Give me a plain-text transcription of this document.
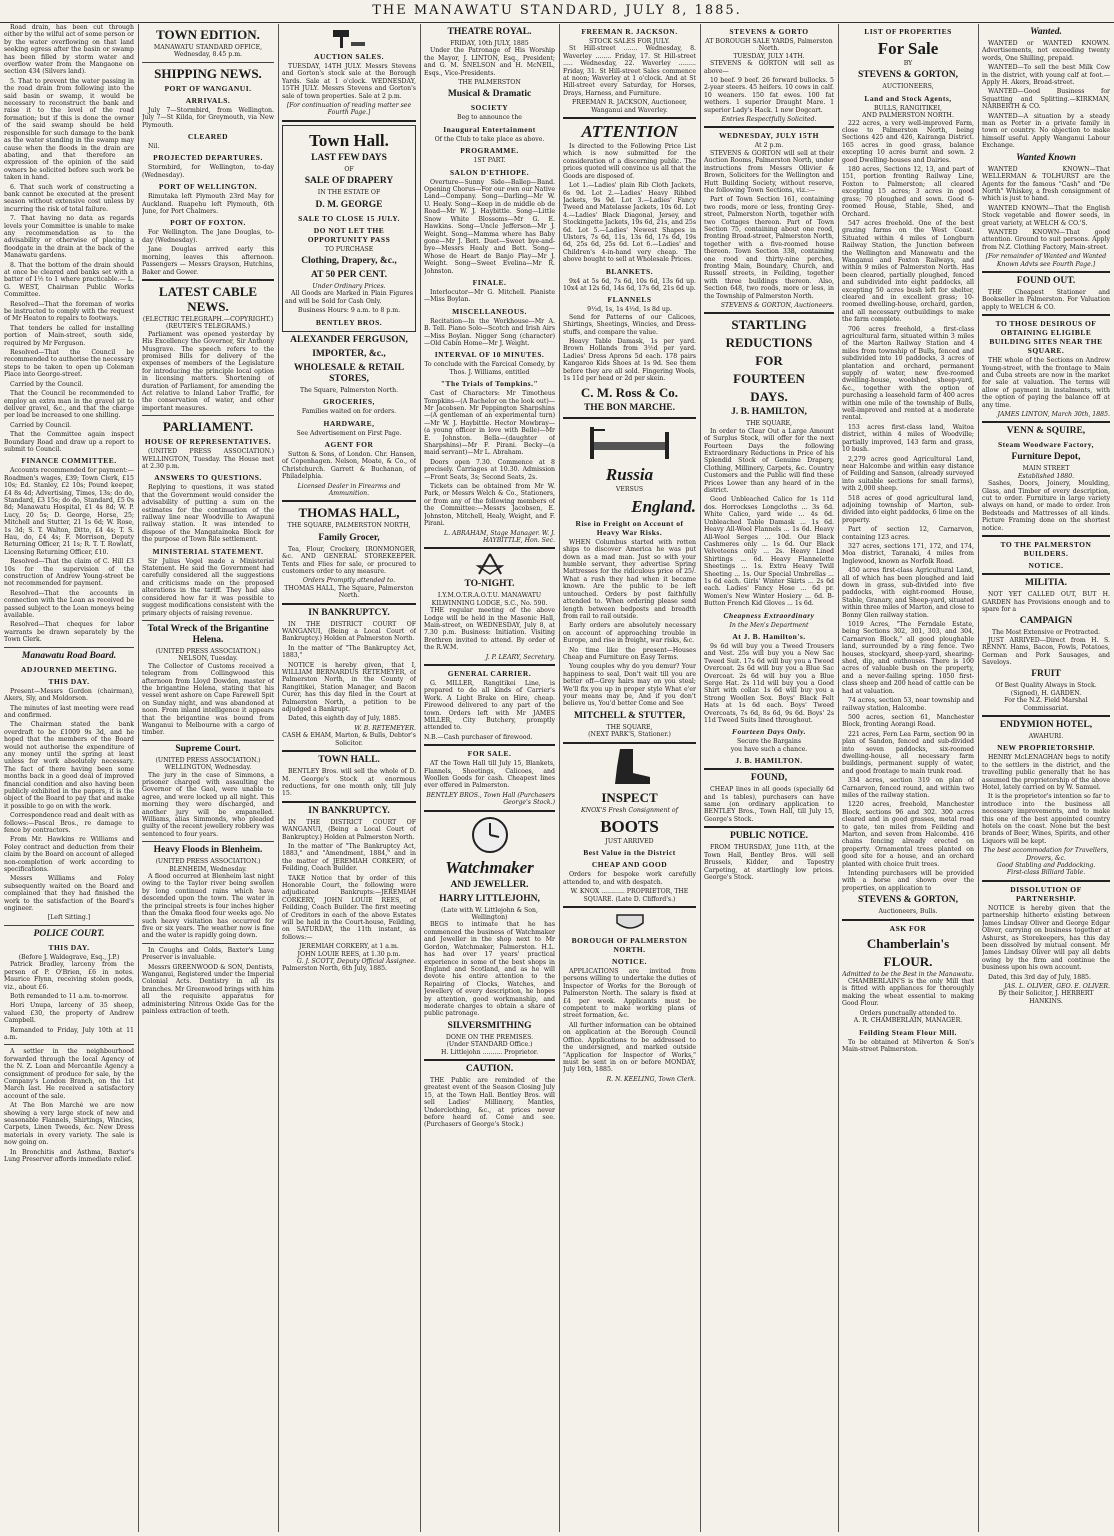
THE MANAWATU STANDARD, JULY 8, 1885.

Road drain, has been cut through either by the wilful act of some person or by the water overflowing on that land seeking egress after the basin or swamp has been filled by storm water and overflow water from the Mangaone on section 434 (Silvers land).

5. That to prevent the water passing in the road drain from following into the said basin or swamp, it would be necessary to reconstruct the bank and raise it to the level of the road formation; but if this is done the owner of the said swamp should be held responsible for such damage to the bank as the water standing in the swamp may cause when the floods in the drain are abating, and that therefore an expression of the opinion of the said owners be solicited before such work be taken in hand.

6. That such work of constructing a bank cannot be executed at the present season without extensive cost unless by incurring the risk of total failure.

7. That having no data as regards levels your Committee is unable to make any recommendation as to the advisability or otherwise of placing a floodgate in the drain at the back of the Manawatu gardens.

8. That the bottom of the drain should at once be cleared and banks set with a batter of 1½ to 1 where practicable.— L. G. WEST, Chairman Public Works Committee.

Resolved—That the foreman of works be instructed to comply with the request of Mr Heaton to repairs to footways.

That tenders be called for installing portion of Main-street, south side, required by Mr Ferguson.

Resolved—That the Council be recommended to authorise the necessary steps to be taken to open up Coleman Place into George-street.

Carried by the Council.

That the Council be recommended to employ an extra man in the gravel pit to deliver gravel, &c., and that the charge per load be increased to one shilling.

Carried by Council.

That the Committee again inspect Boundary Road and draw up a report to submit to Council.

FINANCE COMMITTEE.

Accounts recommended for payment:—Roadmen's wages, £39; Town Clerk, £15 10s; Ed. Stanley, £2 10s; Pound keeper, £4 8s 4d; Advertising, Times, 13s; do do, Standard, £3 15s; do do, Standard, £5 0s 8d; Manawatu Hospital, £1 4s 8d; W. P. Lucy, 20 5s; D. George, Horse, 25; Mitchell and Stutter, 21 1s 6d; W. Rose, 1s 3d; S. T. Walton, Ditto, £4 4s; T. S. Hau, do, £4 4s; F. Morrison, Deputy Returning Officer, 21 1s; R. T. T. Rowlatt, Licensing Returning Officer, £10.

Resolved—That the claim of C. Hill £3 10s for the supervision of the construction of Andrew Young-street be not recommended for payment.

Resolved—That the accounts in connection with the Loan as received be passed subject to the Loan moneys being available.

Resolved—That cheques for labor warrants be drawn separately by the Town Clerk.

Manawatu Road Board.
ADJOURNED MEETING.
THIS DAY.

Present—Messrs Gordon (chairman), Akers, Sly, and Moldorson.

The minutes of last meeting were read and confirmed.

The Chairman stated the bank overdraft to be £1009 9s 3d, and he hoped that the members of the Board would not authorise the expenditure of any money until the spring at least unless for work absolutely necessary. The fact of there having been some months back in a good deal of improved financial condition and also having been publicly exhibited in the papers, it is the object of the Board to pay that and make it possible to go on with the work.

Correspondence read and dealt with as follows:—Pascal Bros., re damage to fence by contractors.

From Mr. Hawkins re Williams and Foley contract and deduction from their claim by the Board on account of alleged non-completion of work according to specifications.

Messrs Williams and Foley subsequently waited on the Board and complained that they had finished the work to the satisfaction of the Board's engineer.

[Left Sitting.]
POLICE COURT.
THIS DAY.
(Before J. Waldegrave, Esq., J.P.)

Patrick Bradley, larceny from the person of P. O'Brien, £6 in notes. Maurice Flynn, receiving stolen goods, viz., about £6.

Both remanded to 11 a.m. to-morrow.

Hori Unupa, larceny of 35 sheep, valued £30, the property of Andrew Campbell.

Remanded to Friday, July 10th at 11 a.m.

A settler in the neighbourhood forwarded through the local Agency of the N. Z. Loan and Mercantile Agency a consignment of produce for sale, by the Company's London Branch, on the 1st March last. He received a satisfactory account of the sale.

At The Bon Marché we are now showing a very large stock of new and seasonable Flannels, Shirtings, Wincies, Carpets, Linen Tweeds, &c. New Dress materials in every variety. The sale is now going on.

In Bronchitis and Asthma, Baxter's Lung Preserver affords immediate relief.

TOWN EDITION.
MANAWATU STANDARD OFFICE, Wednesday, 8.45 p.m.
SHIPPING NEWS.
PORT OF WANGANUI.
ARRIVALS.

July 7—Stormbird, from Wellington. July 7—St Kilda, for Greymouth, via New Plymouth.

CLEARED

Nil.

PROJECTED DEPARTURES.

Stormbird, for Wellington, to-day (Wednesday).

PORT OF WELLINGTON.

Rimutaka left Plymouth 23rd May for Auckland. Ruapehu left Plymouth, 6th June, for Port Chalmers.

PORT OF FOXTON.

For Wellington. The Jane Douglas, to-day (Wednesday).

Jane Douglas arrived early this morning, leaves this afternoon. Passengers — Messrs Grayson, Hutchins, Baker and Gower.

LATEST CABLE NEWS.
(ELECTRIC TELEGRAPH.—COPYRIGHT.) (REUTER'S TELEGRAMS.)

Parliament was opened yesterday by His Excellency the Governor, Sir Anthony Musgrave. The speech refers to the promised Bills for delivery of the expenses of members of the Legislature for introducing the principle local option in licensing matters. Shortening of duration of Parliament, for amending the Act relative to Inland Labor Traffic, for the conservation of water, and other important measures.

PARLIAMENT.
HOUSE OF REPRESENTATIVES.

(UNITED PRESS ASSOCIATION.) WELLINGTON, Tuesday. The House met at 2.30 p.m.

ANSWERS TO QUESTIONS.

Replying to questions, it was stated that the Government would consider the advisability of putting a sum on the estimates for the continuation of the railway line near Woodville to Awapuni railway station. It was intended to dispose of the Mangatainoka Block for the purpose of Town Rile settlement.

MINISTERIAL STATEMENT.

Sir Julius Vogel made a Ministerial Statement. He said the Government had carefully considered all the suggestions and criticisms made on the proposed alterations in the tariff. They had also considered how far it was possible to suggest modifications consistent with the primary objects of raising revenue.

Total Wreck of the Brigantine Helena.
(UNITED PRESS ASSOCIATION.) NELSON, Tuesday.

The Collector of Customs received a telegram from Collingwood this afternoon from Lloyd Dowden, master of the brigantine Helena, stating that his vessel went ashore on Cape Farewell Spit on Sunday night, and was abandoned at noon. From inland intelligence it appears that the brigantine was bound from Wanganui to Melbourne with a cargo of timber.

Supreme Court.
(UNITED PRESS ASSOCIATION.) WELLINGTON, Wednesday.

The jury in the case of Simmons, a prisoner charged with assaulting the Governor of the Gaol, were unable to agree, and were locked up all night. This morning they were discharged, and another jury will be empanelled. Williams, alias Simmonds, who pleaded guilty of the recent jewellery robbery was sentenced to four years.

Heavy Floods in Blenheim.
(UNITED PRESS ASSOCIATION.) BLENHEIM, Wednesday.

A flood occurred at Blenheim last night owing to the Taylor river being swollen by long continued rains which have descended upon the town. The water in the principal streets is four inches higher than the Omaka flood four weeks ago. No such heavy visitation has occurred for five or six years. The weather now is fine and the water is rapidly going down.

In Coughs and Colds, Baxter's Lung Preserver is invaluable.

Messrs GREENWOOD & SON, Dentists, Wanganui, Registered under the Imperial Colonial Acts. Dentistry in all its branches. Mr Greenwood brings with him all the requisite apparatus for administering Nitrous Oxide Gas for the painless extraction of teeth.

AUCTION SALES.

TUESDAY, 14TH JULY. Messrs Stevens and Gorton's stock sale at the Borough Yards. Sale at 1 o'clock. WEDNESDAY, 15TH JULY. Messrs Stevens and Gorton's sale of town properties. Sale at 2 p.m.

[For continuation of reading matter see Fourth Page.]
Town Hall.
LAST FEW DAYS
OF
SALE OF DRAPERY
IN THE ESTATE OF
D. M. GEORGE
SALE TO CLOSE 15 JULY.
DO NOT LET THE OPPORTUNITY PASS
TO PURCHASE
Clothing, Drapery, &c.,
AT 50 PER CENT.
Under Ordinary Prices.

All Goods are Marked in Plain Figures and will be Sold for Cash Only.

Business Hours: 9 a.m. to 8 p.m.
BENTLEY BROS.
ALEXANDER FERGUSON,
IMPORTER, &c.,
WHOLESALE & RETAIL STORES,
The Square, Palmerston North.
GROCERIES,
Families waited on for orders.
HARDWARE,
See Advertisement on First Page.
AGENT FOR

Sutton & Sons, of London. Chr. Hansen, of Copenhagen. Nelson, Moate, & Co., of Christchurch. Garrett & Buchanan, of Philadelphia.

Licensed Dealer in Firearms and Ammunition.
THOMAS HALL,
THE SQUARE, PALMERSTON NORTH,
Family Grocer,

Tea, Flour, Crockery, IRONMONGER, &c. AND GENERAL STOREKEEPER. Tents and Flies for sale, or procured to customers order to any measure.

Orders Promptly attended to.
THOMAS HALL, The Square, Palmerston North.
IN BANKRUPTCY.

IN THE DISTRICT COURT OF WANGANUI, (Being a Local Court of Bankruptcy.) Holden at Palmerston North.

In the matter of "The Bankruptcy Act, 1883,"

NOTICE is hereby given, that I, WILLIAM BERNARDUS RETEMEYER, of Palmerston North, in the County of Rangitikei, Station Manager, and Bacon Curer, has this day filed in the Court at Palmerston North, a petition to be adjudged a Bankrupt.

Dated, this eighth day of July, 1885.

W. B. RETEMEYER.
CASH & EHAM, Marton, & Bulls, Debtor's Solicitor.
TOWN HALL.

BENTLEY Bros. will sell the whole of D. M. George's Stock at enormous reductions, for one month only, till July 15.

IN BANKRUPTCY.

IN THE DISTRICT COURT OF WANGANUI, (Being a Local Court of Bankruptcy.) Holden at Palmerston North.

In the matter of "The Bankruptcy Act, 1883," and "Amendment, 1884," and in the matter of JEREMIAH CORKERY, of Feilding, Coach Builder.

TAKE Notice that by order of this Honorable Court, the following were adjudicated Bankrupts:—JEREMIAH CORKERY, JOHN LOUIE REES, of Feilding, Coach Builder. The first meeting of Creditors in each of the above Estates will be held in the Court-house, Feilding, on SATURDAY, the 11th instant, as follows:—

JEREMIAH CORKERY, at 1 a.m.
JOHN LOUIE REES, at 1.30 p.m.
G. J. SCOTT, Deputy Official Assignee.
Palmerston North, 6th July, 1885.
THEATRE ROYAL.
FRIDAY, 10th JULY, 1885

Under the Patronage of His Worship the Mayor, J. LINTON, Esq., President; and G. M. SNELSON and H. McNEIL, Esqs., Vice-Presidents.

THE PALMERSTON
Musical & Dramatic
SOCIETY
Beg to announce the
Inaugural Entertainment
Of the Club to take place as above.
PROGRAMME.
1ST PART.
SALON D'ETHIOPE.

Overture—Sunny Side—Ballep—Band. Opening Chorus—For our own our Native Land—Company. Song—Darling—Mr W. U. Healy. Song—Keep in de middle ob de Road—Mr W. J. Haybittle. Song—Little Snow White Blossoms—Mr G. E. Hawkins. Song—Uncle Jefferson—Mr J. Weight. Song—Mamma where has Baby gone—Mr J. Bett. Duet—Sweet bye-and-bye—Messrs Healy and Bett. Song—Whose de Heart de Banjo Play—Mr J. Weight. Song—Sweet Evelina—Mr R. Johnston.

FINALE.

Interlocutor—Mr G. Mitchell. Pianiste—Miss Boylan.

MISCELLANEOUS.

Recitation—In the Workhouse—Mr A. B. Tell. Piano Solo—Scotch and Irish Airs—Miss Boylan. Nigger Song (character)—Old Cabin Home—Mr J. Weight.

INTERVAL OF 10 MINUTES.
To conclude with the Farcical Comedy, by Thos. J. Williams, entitled
"The Trials of Tompkins."

Cast of Characters: Mr Timotheus Tompkins—(A Bachelor on the look out)—Mr Jacobsen. Mr Peppington Sharpshins—(A gentleman of an experimental turn)—Mr W. J. Haybittle. Hector Mowbray—(a young officer in love with Belle)—Mr E. Johnston. Bella—(daughter of Sharpshins)—Mr F. Pirani. Becky—(a maid servant)—Mr L. Abraham.

Doors open 7.30. Commence at 8 precisely. Carriages at 10.30. Admission—Front Seats, 3s; Second Seats, 2s.

Tickets can be obtained from Mr W. Park, or Messrs Welch & Co., Stationers, or from any of the following members of the Committee:—Messrs Jacobsen, E. Johnston, Mitchell, Healy, Weight, and F. Pirani.

L. ABRAHAM, Stage Manager. W. J. HAYBITTLE, Hon. Sec.
TO-NIGHT.
I.Y.M.O.T.R.A.O.T.U. MANAWATU KILWINNING LODGE, S.C., No. 590.

THE regular meeting of the above Lodge will be held in the Masonic Hall, Main-street, on WEDNESDAY, July 8, at 7.30 p.m. Business: Initiation. Visiting Brethren invited to attend. By order of the R.W.M.

J. P. LEARY, Secretary.
GENERAL CARRIER.

G. MILLER, Rangitikei Line, is prepared to do all kinds of Carrier's Work. A Light Brake on Hire, cheap. Firewood delivered to any part of the town. Orders left with Mr JAMES MILLER, City Butchery, promptly attended to.

N.B.—Cash purchaser of firewood.
FOR SALE.

AT the Town Hall till July 15, Blankets, Flannels, Sheetings, Calicoes, and Woollen Goods for cash. Cheapest lines ever offered in Palmerston.

BENTLEY BROS., Town Hall (Purchasers George's Stock.)
Watchmaker
AND JEWELLER.
HARRY LITTLEJOHN,
(Late with W. Littlejohn & Son, Wellington)

BEGS to intimate that he has commenced the business of Watchmaker and Jeweller in the shop next to Mr Gordon, Watchmaker, Palmerston. H.L. has had over 17 years' practical experience in some of the best shops in England and Scotland, and as he will devote his entire attention to the Repairing of Clocks, Watches, and Jewellery of every description, he hopes by attention, good workmanship, and moderate charges to obtain a share of public patronage.

SILVERSMITHING
DONE ON THE PREMISES.
(Under STANDARD Office.)
H. Littlejohn .......... Proprietor.
CAUTION.

THE Public are reminded of the greatest event of the Season Closing July 15, at the Town Hall. Bentley Bros. will sell Ladies' Millinery, Mantles, Underclothing, &c., at prices never before heard of. Come and see. (Purchasers of George's Stock.)

FREEMAN R. JACKSON.
STOCK SALES FOR JULY.

St Hill-street ....... Wednesday, 8. Waverley ........ Friday, 17. St Hill-street ..... Wednesday, 22. Waverley ......... Friday, 31. St Hill-street Sales commence at noon; Waverley at 1 o'clock. And at St Hill-street every Saturday, for Horses, Drays, Harness, and Furniture.

FREEMAN R. JACKSON, Auctioneer, Wanganui and Waverley.
ATTENTION

Is directed to the Following Price List which is now submitted for the consideration of a discerning public. The prices quoted will convince us all that the Goods are disposed of.

Lot 1.—Ladies' plain Rib Cloth Jackets, 6s 9d. Lot 2.—Ladies' Heavy Ribbed Jackets, 9s 9d. Lot 3.—Ladies' Fancy Tweed and Matelasse Jackets, 10s 6d. Lot 4.—Ladies' Black Diagonal, Jersey, and Stockingette Jackets, 19s 6d, 21s, and 25s 6d. Lot 5.—Ladies' Newest Shapes in Ulsters, 7s 6d, 11s, 13s 6d, 17s 6d, 19s 6d, 25s 6d, 25s 6d. Lot 6.—Ladies' and Children's 4-in-hand very cheap. The above bought to sell at Wholesale Prices.

BLANKETS.

9x4 at 5s 6d, 7s 6d, 10s 6d, 13s 6d up. 10x4 at 12s 6d, 14s 6d, 17s 6d, 21s 6d up.

FLANNELS
9½d, 1s, 1s 4½d, 1s 8d up.

Send for Patterns of our Calicoes, Shirtings, Sheetings, Wincies, and Dress-stuffs, and compare the value.

Heavy Table Damask, 1s per yard. Brown Hollands from 3½d per yard. Ladies' Dress Aprons 5d each. 178 pairs Kangaroo Kids Shoes at 1s 9d. See them before they are all sold. Fingering Wools, 1s 11d per head or 2d per skein.

C. M. Ross & Co.
THE BON MARCHE.
Russia
VERSUS
England.
Rise in Freight on Account of Heavy War Risks.

WHEN Columbus started with rotten ships to discover America he was put down as a mad man. Just so with your humble servant, they advertise Spring Mattresses for the ridiculous price of 25/. What a rush they had when it became known. Are the public to be left untouched. Orders by post faithfully attended to. When ordering please send length between bedposts and breadth from rail to rail outside.

Early orders are absolutely necessary on account of approaching trouble in Europe, and rise in freight, war risks, &c.

No time like the present—Houses Cheap and Furniture on Easy Terms.

Young couples why do you demur? Your happiness to seal, Don't wait till you are better off—Grey hairs may on you steal; We'll fix you up in proper style What e'er your means may be, And if you don't believe us, You'd better Come and See

MITCHELL & STUTTER,
THE SQUARE,
(NEXT PARK'S, Stationer.)
INSPECT
KNOX'S Fresh Consignment of
BOOTS
JUST ARRIVED
Best Value in the District
CHEAP AND GOOD

Orders for bespoke work carefully attended to, and with despatch.

W. KNOX ............ PROPRIETOR, THE SQUARE. (Late D. Clifford's.)
BOROUGH OF PALMERSTON NORTH.
NOTICE.

APPLICATIONS are invited from persons willing to undertake the duties of Inspector of Works for the Borough of Palmerston North. The salary is fixed at £4 per week. Applicants must be competent to make working plans of street formation, &c.

All further information can be obtained on application at the Borough Council Office. Applications to be addressed to the undersigned, and marked outside "Application for Inspector of Works," must be sent in on or before MONDAY, July 16th, 1885.

R. N. KEELING, Town Clerk.
STEVENS & GORTO
AT BOROUGH SALE YARDS, Palmerston North.
TUESDAY, JULY 14TH.

STEVENS & GORTON will sell as above—

10 beef. 9 beef. 26 forward bullocks. 5 2-year steers. 45 heifers. 10 cows in calf. 10 weaners. 150 fat ewes. 100 fat wethers. 1 superior Draught Mare. 1 superior Lady's Hack. 1 new Dogcart.

Entries Respectfully Solicited.
WEDNESDAY, JULY 15TH
At 2 p.m.

STEVENS & GORTON will sell at their Auction Rooms, Palmerston North, under instructions from Messrs Ollivier & Brown, Solicitors for the Wellington and Hutt Building Society, without reserve, the following Town Sections, viz.:—

Part of Town Section 161, containing two roods, more or less, fronting Grey-street, Palmerston North, together with two Cottages thereon. Part of Town Section 75, containing about one rood, fronting Broad-street, Palmerston North, together with a five-roomed house thereon. Town Section 338, containing one rood and thirty-nine perches, fronting Main, Boundary, Church, and Russell streets, in Feilding, together with three buildings thereon. Also, Section 648, two roods, more or less, in the Township of Palmerston North.

STEVENS & GORTON, Auctioneers.
STARTLING
REDUCTIONS
FOR
FOURTEEN
DAYS.
J. B. HAMILTON,
THE SQUARE,

In order to Clear Out a Large Amount of Surplus Stock, will offer for the next Fourteen Days the following Extraordinary Reductions in Price of his Splendid Stock of Genuine Drapery, Clothing, Millinery, Carpets, &c. Country Customers and the Public will find these Prices Lower than any heard of in the district.

Good Unbleached Calico for 1s 11d dos. Horrockses Longcloths ... 3s 6d. White Calico, yard wide ... 4s 6d. Unbleached Table Damask ... 1s 6d. Heavy All-Wool Flannels ... 1s 6d. Heavy All-Wool Serges ... 10d. Our Black Cashmeres only ... 1s 6d. Our Black Velveteens only ... 2s. Heavy Lined Shirtings ... 6d. Heavy Flannelette Sheetings ... 1s. Extra Heavy Twill Sheeting ... 1s. Our Special Umbrellas ... 1s 6d each. Girls' Winter Skirts ... 2s 6d each. Ladies' Fancy Hose ... 6d pr. Women's New Winter Hosiery ... 6d. B-Button French Kid Gloves ... 1s 6d.

Cheapness Extraordinary
In the Men's Department
At J. B. Hamilton's.

9s 6d will buy you a Tweed Trousers and Vest. 25s will buy you a New Sac Tweed Suit. 17s 6d will buy you a Tweed Overcoat. 2s 6d will buy you a Blue Sac Overcoat. 2s 6d will buy you a Blue Serge Hat. 2s 11d will buy you a Good Shirt with collar. 1s 6d will buy you a Strong Woollen Sox. Boys' Black Felt Hats at 1s 6d each. Boys' Tweed Overcoats, 7s 6d, 8s 6d, 9s 6d. Boys' 2s 11d Tweed Suits lined throughout.

Fourteen Days Only.
Secure the Bargains
you have such a chance.
J. B. HAMILTON.
FOUND,

CHEAP lines in all goods (specially 6d and 1s tables), purchasers can have same (on ordinary application to BENTLEY Bros., Town Hall, till July 15, George's Stock.

PUBLIC NOTICE.

FROM THURSDAY, June 11th, at the Town Hall, Bentley Bros. will sell Brussels, Kidder, and Tapestry Carpeting, at startlingly low prices. George's Stock.

LIST OF PROPERTIES
For Sale
BY
STEVENS & GORTON,
AUCTIONEERS,
Land and Stock Agents,
BULLS, RANGITIKEI,
AND PALMERSTON NORTH.

222 acres, a very well-improved Farm, close to Palmerston North, being Sections 425 and 426, Kairanga District. 165 acres in good grass, balance excepting 10 acres burnt and sown. 2 good Dwelling-houses and Dairies.

180 acres, Sections 12, 13, and part of 151, portion fronting Railway Line, Foxton to Palmerston; all cleared excepting 15 acres; 3 acres in good grass; 70 ploughed and sown. Good 6-roomed House, Stable, Shed, and Orchard.

547 acres freehold. One of the best grazing farms on the West Coast. Situated within 4 miles of Longburn Railway Station, the Junction between the Wellington and Manawatu and the Wanganui and Foxton Railways, and within 9 miles of Palmerston North. Has been cleared, partially ploughed, fenced and subdivided into eight paddocks, all excepting 50 acres bush left for shelter, cleared and in excellent grass; 10-roomed dwelling-house, orchard, garden, and all necessary outbuildings to make the farm complete.

706 acres freehold, a first-class agricultural farm, situated within 3 miles of the Marton Railway Station and 4 miles from township of Bulls, fenced and subdivided into 10 paddocks, 3 acres of plantation and orchard, permanent supply of water, new five-roomed dwelling-house, woolshed, sheep-yard, &c., together with the option of purchasing a leasehold farm of 400 acres within one mile of the township of Bulls, well-improved and rented at a moderate rental.

153 acres first-class land, Waitoa district, within 4 miles of Woodville; partially improved, 143 farm and grass, 10 bush.

2,279 acres good Agricultural Land, near Halcombe and within easy distance of Feilding and Sanson, (already surveyed into suitable sections for small farms), with 2,000 sheep.

518 acres of good agricultural land, adjoining township of Marton, sub-divided into eight paddocks, 6 lime on the property.

Part of section 12, Carnarvon, containing 123 acres.

327 acres, sections 171, 172, and 174, Moa district, Taranaki, 4 miles from Inglewood, known as Norfolk Road.

450 acres first-class Agricultural Land, all of which has been ploughed and laid down in grass, sub-divided into five paddocks, with eight-roomed House, Stable, Granary, and Sheep-yard, situated within three miles of Marton, and close to Bonny Glen railway station.

1019 Acres, "The Ferndale Estate, being Sections 302, 301, 303, and 304, Carnarvon Block," all good ploughable land, surrounded by a ring fence. Two houses, stockyard, sheep-yard, shearing-shed, dip, and outhouses. There is 100 acres of valuable bush on the property, and a never-failing spring. 1050 first-class sheep and 200 head of cattle can be had at valuation.

74 acres, section 53, near township and railway station, Halcombe.

500 acres, section 61, Manchester Block, fronting Aorangi Road.

221 acres, Fern Lea Farm, section 90 in plan of Sandon, fenced and sub-divided into seven paddocks, six-roomed dwelling-house, all necessary farm buildings, permanent supply of water, and good frontage to main trunk road.

334 acres, section 319 on plan of Carnarvon, fenced round, and within two miles of the railway station.

1220 acres, freehold, Manchester Block, sections 96 and 302. 300 acres cleared and in good grasses, metal road to gate, ten miles from Feilding and Marton, and seven from Halcombe. 416 chains fencing already erected on property. Ornamental trees planted on good site for a house, and an orchard planted with choice fruit trees.

Intending purchasers will be provided with a horse and shown over the properties, on application to

STEVENS & GORTON,
Auctioneers, Bulls.
ASK FOR
Chamberlain's
FLOUR.
Admitted to be the Best in the Manawatu.

CHAMBERLAIN'S is the only Mill that is fitted with appliances for thoroughly making the wheat essential to making Good Flour.

Orders punctually attended to.
A. R. CHAMBERLAIN, MANAGER.
Feilding Steam Flour Mill.

To be obtained at Milverton & Son's Main-street Palmerston.

Wanted.

WANTED or WANTED KNOWN. Advertisements, not exceeding twenty words, One Shilling, prepaid.

WANTED—To sell the best Milk Cow in the district, with young calf at foot.—Apply H. Akers, Broad-street.

WANTED—Good Business for Squatting and Splitting.—KIRKMAN, NARBERTH & CO.

WANTED—A situation by a steady man as Porter in a private family in town or country. No objection to make himself useful. Apply Wanganui Labour Exchange.

Wanted Known

WANTED KNOWN—That WELLERMAN & TOLHURST are the Agents for the famous "Cash" and "De North" Whiskey, a fresh consignment of which is just to hand.

WANTED KNOWN—That the English Stock vegetable and flower seeds, in great variety, at WELCH & CO.'S.

WANTED KNOWN—That good attention. Ground to suit persons. Apply from N.Z. Clothing Factory, Main-street.

[For remainder of Wanted and Wanted Known Advts see Fourth Page.]
FOUND OUT.

THE Cheapest Stationer and Bookseller in Palmerston. For Valuation apply to WELCH & CO.

TO THOSE DESIROUS OF OBTAINING ELIGIBLE BUILDING SITES NEAR THE SQUARE.

THE whole of the Sections on Andrew Young-street, with the frontage to Main and Cuba streets are now in the market for sale at valuation. The terms will allow of payment in instalments, with the option of paying the balance off at any time.

JAMES LINTON, March 30th, 1885.
VENN & SQUIRE,
Steam Woodware Factory,
Furniture Depot,
MAIN STREET
Established 1880.

Sashes, Doors, Joinery, Moulding, Glass, and Timber of every description, cut to order. Furniture in large variety always on hand, or made to order. Iron Bedsteads and Mattresses of all kinds. Picture Framing done on the shortest notice.

TO THE PALMERSTON BUILDERS.
NOTICE.
MILITIA.

NOT YET CALLED OUT, BUT H. GARDEN has Provisions enough and to spare for a

CAMPAIGN
The Most Extensive or Protracted.

JUST ARRIVED—Direct from H. S. RENNY. Hams, Bacon, Fowls, Potatoes, German and Pork Sausages, and Saveloys.

FRUIT
Of Best Quality Always in Stock.
(Signed), H. GARDEN.
For the N.Z. Field Marshal Commissariat.
ENDYMION HOTEL,
AWAHURI.
NEW PROPRIETORSHIP.

HENRY McLENAGHAN begs to notify to the settlers in the district, and the travelling public generally that he has assumed the proprietorship of the above Hotel, lately carried on by W. Samuel.

It is the proprietor's intention so far to introduce into the business all necessary improvements, and to make this one of the best appointed country hotels on the coast. None but the best brands of Beer, Wines, Spirits, and other Liquors will be kept.

The best accommodation for Travellers, Drovers, &c.
Good Stabling and Paddocking.
First-class Billiard Table.
DISSOLUTION OF PARTNERSHIP.

NOTICE is hereby given that the partnership hitherto existing between James Lindsay Oliver and George Edgar Oliver, carrying on business together at Ashurst, as Storekeepers, has this day been dissolved by mutual consent. Mr James Lindsay Oliver will pay all debts owing by the firm and continue the business upon his own account.

Dated, this 3rd day of July, 1885.

JAS. L. OLIVER, GEO. E. OLIVER.
By their Solicitor, J. HERBERT HANKINS.
